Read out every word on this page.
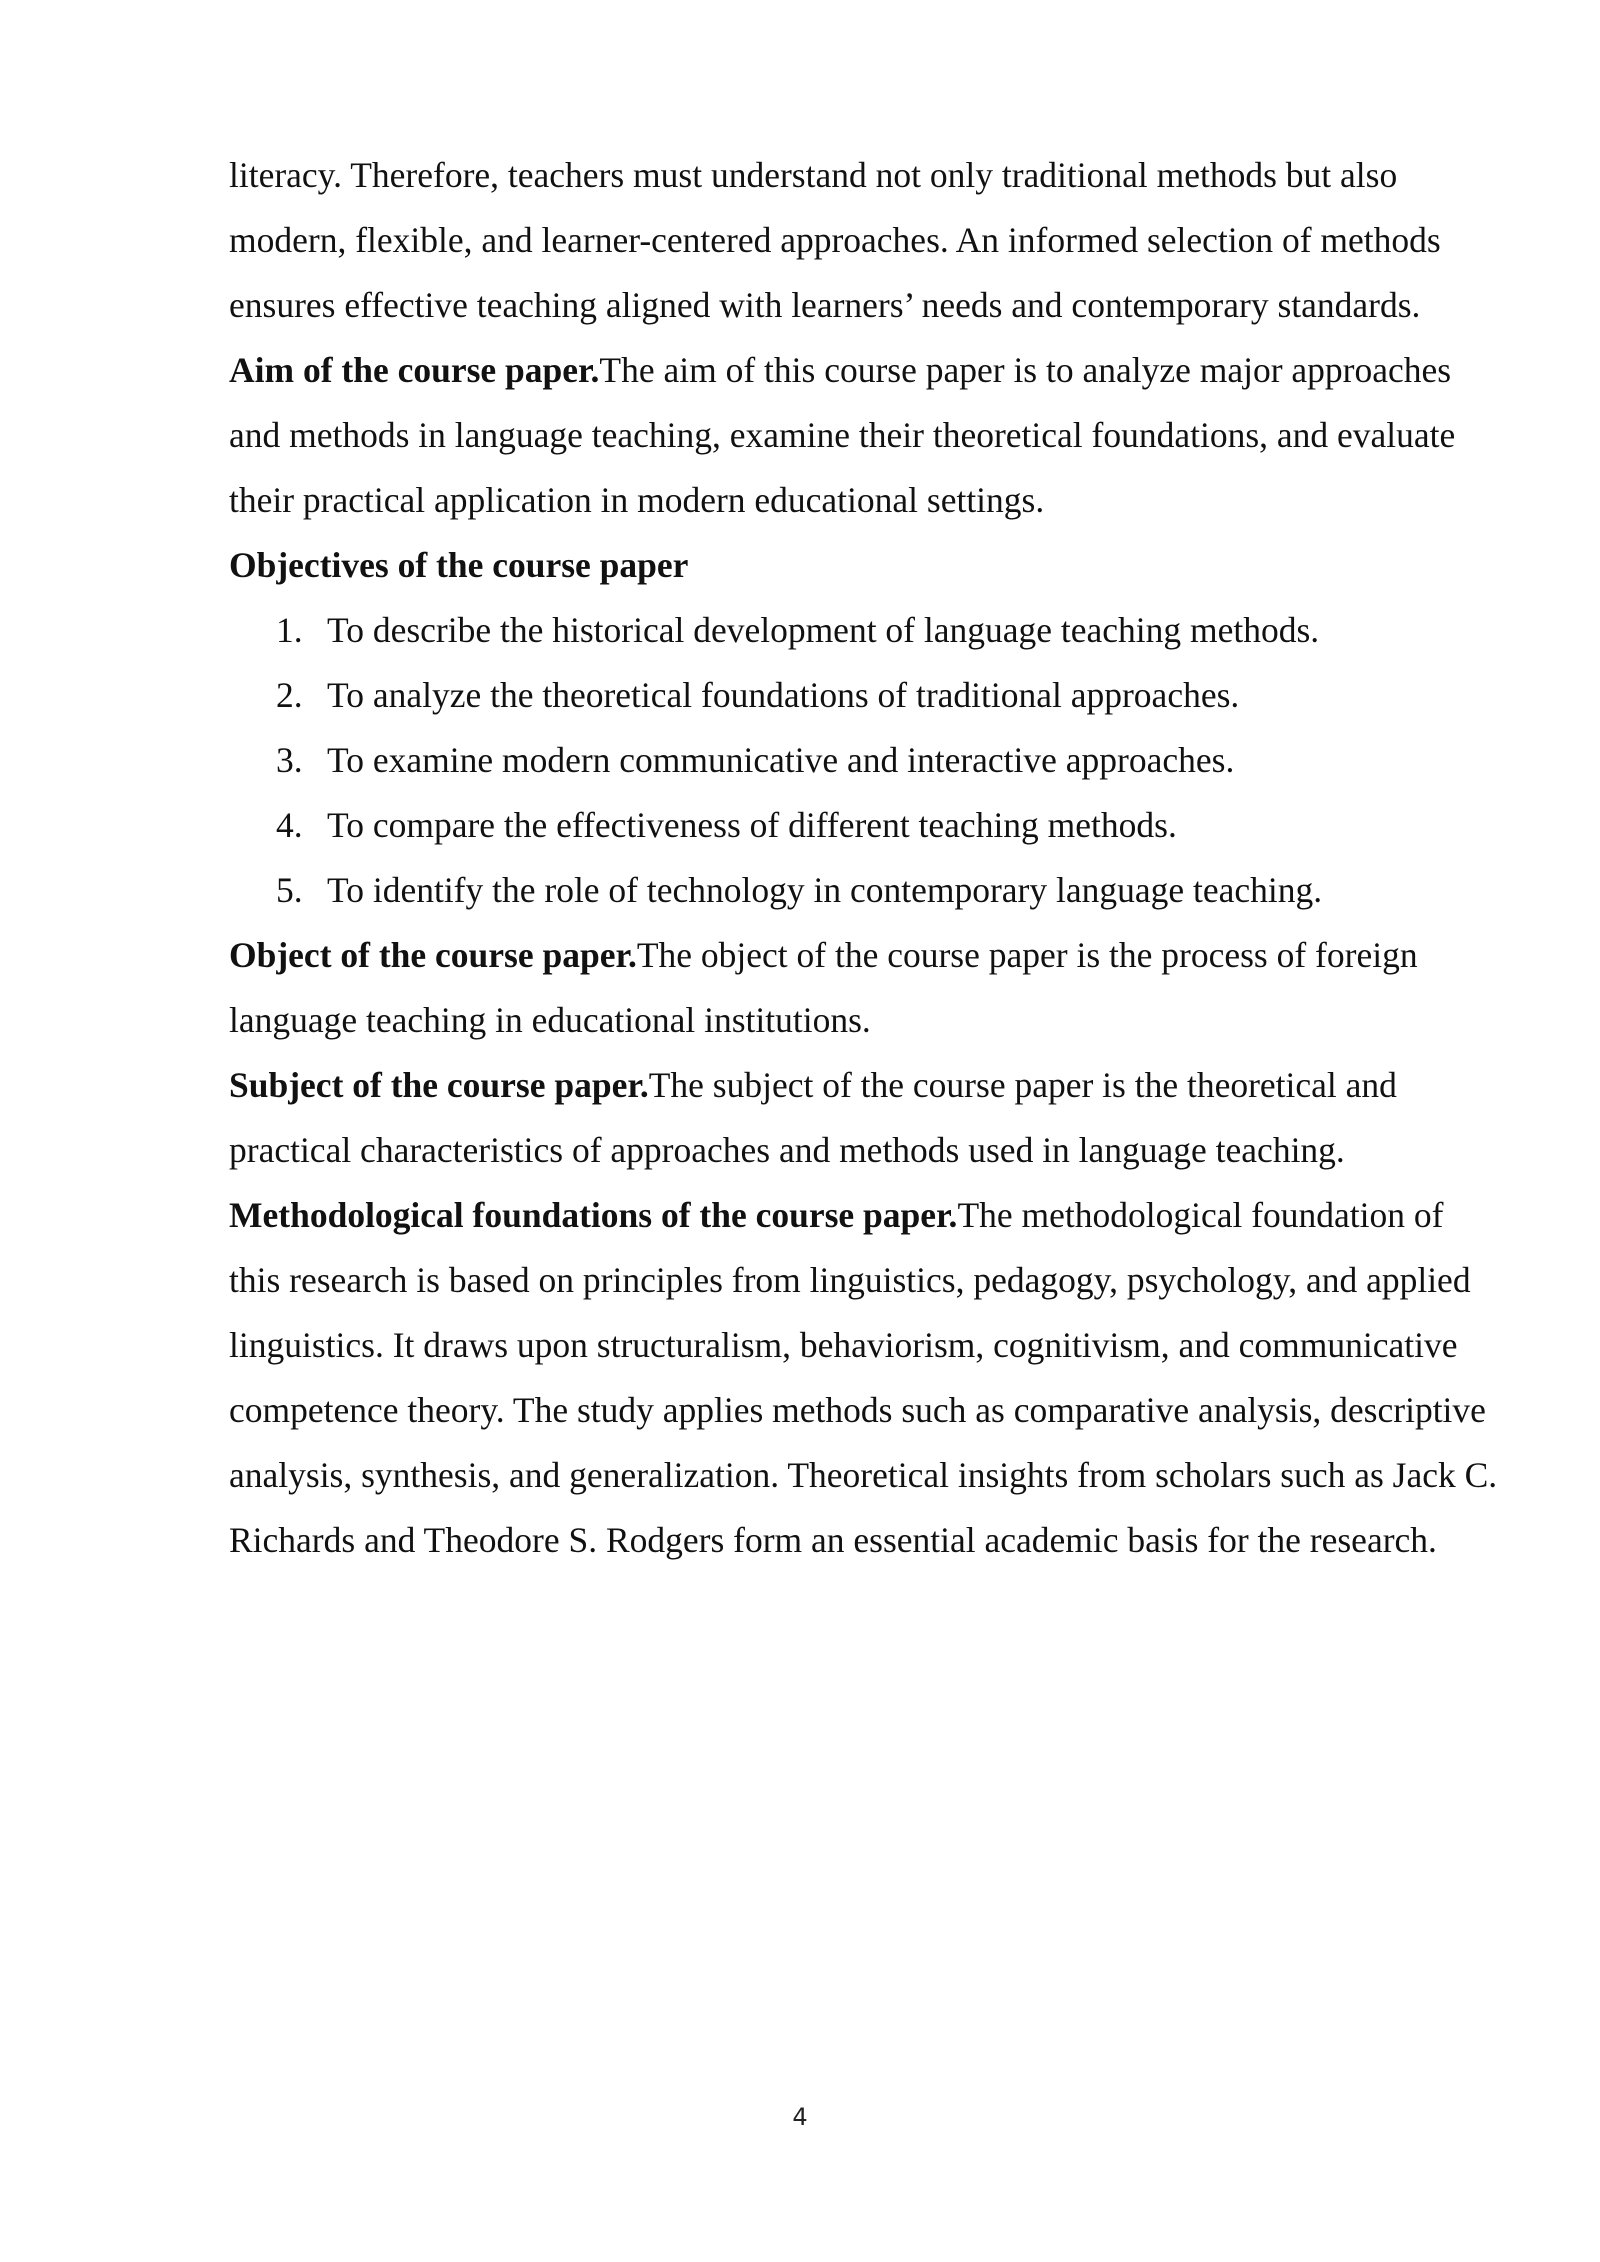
literacy. Therefore, teachers must understand not only traditional methods but also modern, flexible, and learner-centered approaches. An informed selection of methods ensures effective teaching aligned with learners’ needs and contemporary standards.

Aim of the course paper.The aim of this course paper is to analyze major approaches and methods in language teaching, examine their theoretical foundations, and evaluate their practical application in modern educational settings.

Objectives of the course paper

1. To describe the historical development of language teaching methods.
2. To analyze the theoretical foundations of traditional approaches.
3. To examine modern communicative and interactive approaches.
4. To compare the effectiveness of different teaching methods.
5. To identify the role of technology in contemporary language teaching.

Object of the course paper.The object of the course paper is the process of foreign language teaching in educational institutions.

Subject of the course paper.The subject of the course paper is the theoretical and practical characteristics of approaches and methods used in language teaching.

Methodological foundations of the course paper.The methodological foundation of this research is based on principles from linguistics, pedagogy, psychology, and applied linguistics. It draws upon structuralism, behaviorism, cognitivism, and communicative competence theory. The study applies methods such as comparative analysis, descriptive analysis, synthesis, and generalization. Theoretical insights from scholars such as Jack C. Richards and Theodore S. Rodgers form an essential academic basis for the research.

4
